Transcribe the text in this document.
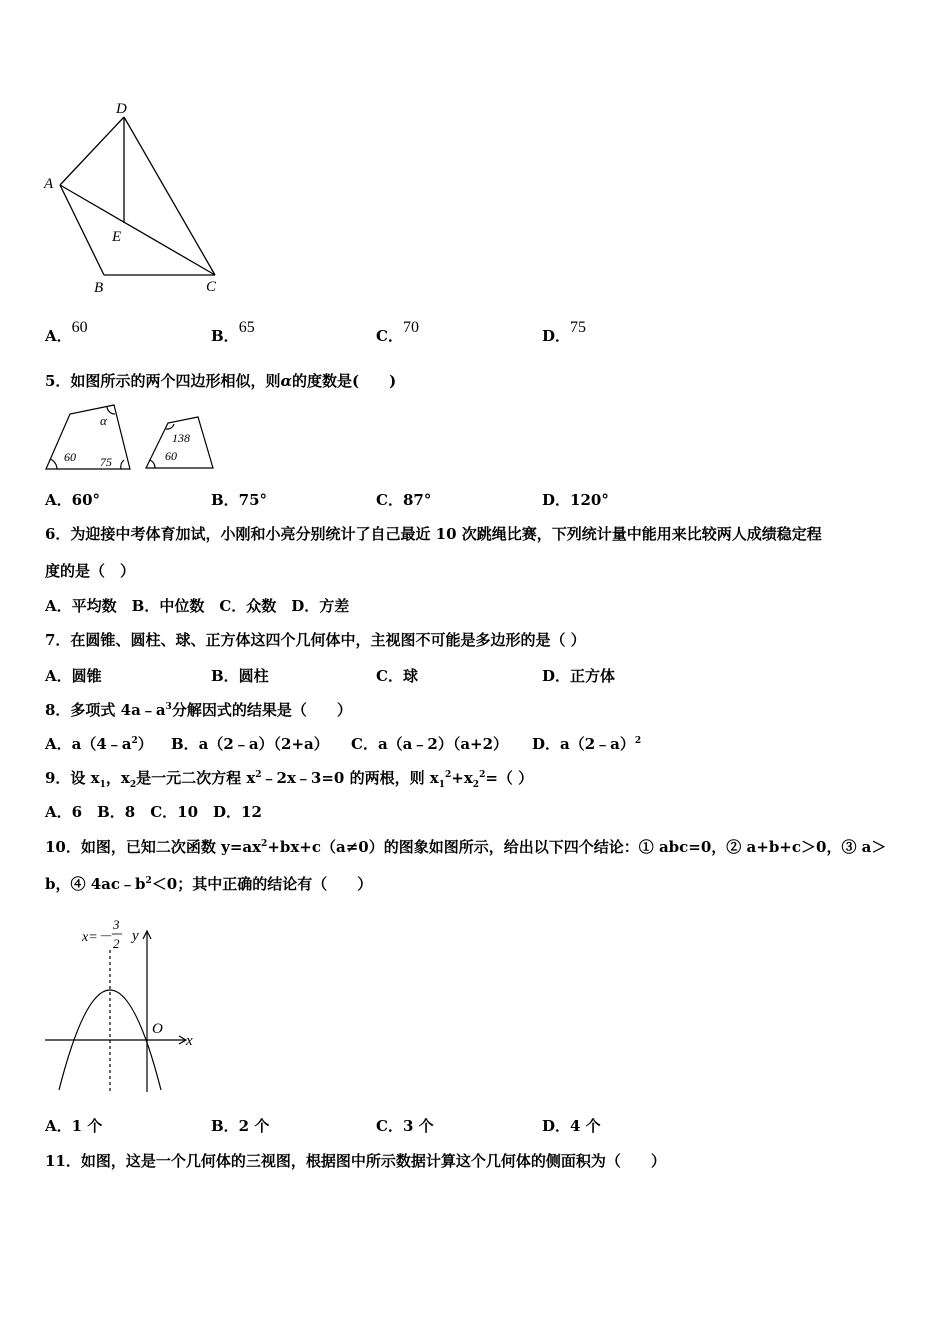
D
A
E
B	C
A．60	B．65	C．70	D．75
5．如图所示的两个四边形相似，则α的度数是(　　)
60 75
α
138
60
A．60°	B．75°	C．87°	D．120°
6．为迎接中考体育加试，小刚和小亮分别统计了自己最近 10 次跳绳比赛，下列统计量中能用来比较两人成绩稳定程
度的是（　）
A．平均数　B．中位数　C．众数　D．方差
7．在圆锥、圆柱、球、正方体这四个几何体中，主视图不可能是多边形的是（ ）
A．圆锥	B．圆柱	C．球	D．正方体
8．多项式 $4a﹣a^3$分解因式的结果是（　　）
A．$a(4﹣a^2)$ B．a（2﹣a）（2+a） C．a（a﹣2）（a+2） D．a（2﹣a）$^2$
9．设 $x_1$，$x_2$是一元二次方程 $x^2﹣2x﹣3=0$ 的两根，则 $x_1^2+x_2^2=$（ ）
A．6　B．8　C．10　D．12
10．如图，已知二次函数 $y=ax^2+bx+c(a\ne 0)$的图象如图所示，给出以下四个结论：① abc=0，② a+b+c＞0，③ a＞
b，④ $4ac﹣b^2<0$；其中正确的结论有（　　）
x=－
3
2 y
O
x
A．1 个	B．2 个	C．3 个	D．4 个
11．如图，这是一个几何体的三视图，根据图中所示数据计算这个几何体的侧面积为（　　）
